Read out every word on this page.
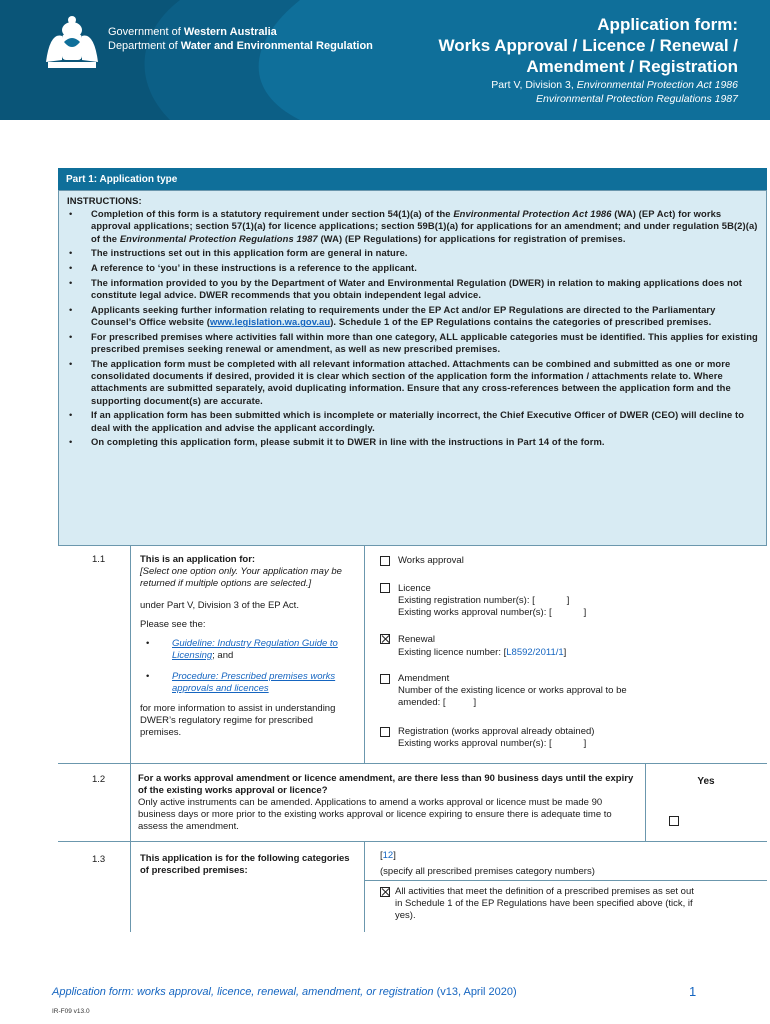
Government of Western Australia
Department of Water and Environmental Regulation
Application form:
Works Approval / Licence / Renewal /
Amendment / Registration
Part V, Division 3, Environmental Protection Act 1986
Environmental Protection Regulations 1987
Part 1: Application type
INSTRUCTIONS:
• Completion of this form is a statutory requirement under section 54(1)(a) of the Environmental Protection Act 1986 (WA) (EP Act) for works approval applications; section 57(1)(a) for licence applications; section 59B(1)(a) for applications for an amendment; and under regulation 5B(2)(a) of the Environmental Protection Regulations 1987 (WA) (EP Regulations) for applications for registration of premises.
• The instructions set out in this application form are general in nature.
• A reference to ‘you’ in these instructions is a reference to the applicant.
• The information provided to you by the Department of Water and Environmental Regulation (DWER) in relation to making applications does not constitute legal advice. DWER recommends that you obtain independent legal advice.
• Applicants seeking further information relating to requirements under the EP Act and/or EP Regulations are directed to the Parliamentary Counsel’s Office website (www.legislation.wa.gov.au). Schedule 1 of the EP Regulations contains the categories of prescribed premises.
• For prescribed premises where activities fall within more than one category, ALL applicable categories must be identified. This applies for existing prescribed premises seeking renewal or amendment, as well as new prescribed premises.
• The application form must be completed with all relevant information attached. Attachments can be combined and submitted as one or more consolidated documents if desired, provided it is clear which section of the application form the information / attachments relate to. Where attachments are submitted separately, avoid duplicating information. Ensure that any cross-references between the application form and the supporting document(s) are accurate.
• If an application form has been submitted which is incomplete or materially incorrect, the Chief Executive Officer of DWER (CEO) will decline to deal with the application and advise the applicant accordingly.
• On completing this application form, please submit it to DWER in line with the instructions in Part 14 of the form.
1.1	This is an application for:
[Select one option only. Your application may be returned if multiple options are selected.]
under Part V, Division 3 of the EP Act.
Please see the:
• Guideline: Industry Regulation Guide to Licensing; and
• Procedure: Prescribed premises works approvals and licences
for more information to assist in understanding DWER’s regulatory regime for prescribed premises.
Works approval
Licence
Existing registration number(s): [	]
Existing works approval number(s): [	]
Renewal
Existing licence number: [L8592/2011/1]
Amendment
Number of the existing licence or works approval to be
amended: [	]
Registration (works approval already obtained)
Existing works approval number(s): [	]
1.2	For a works approval amendment or licence amendment, are there less than 90 business days until the expiry of the existing works approval or licence?
Only active instruments can be amended. Applications to amend a works approval or licence must be made 90 business days or more prior to the existing works approval or licence expiring to ensure there is adequate time to assess the amendment.
Yes
1.3	This application is for the following categories of prescribed premises:
[12]
(specify all prescribed premises category numbers)
All activities that meet the definition of a prescribed premises as set out in Schedule 1 of the EP Regulations have been specified above (tick, if yes).
Application form: works approval, licence, renewal, amendment, or registration (v13, April 2020)	1
IR-F09 v13.0
